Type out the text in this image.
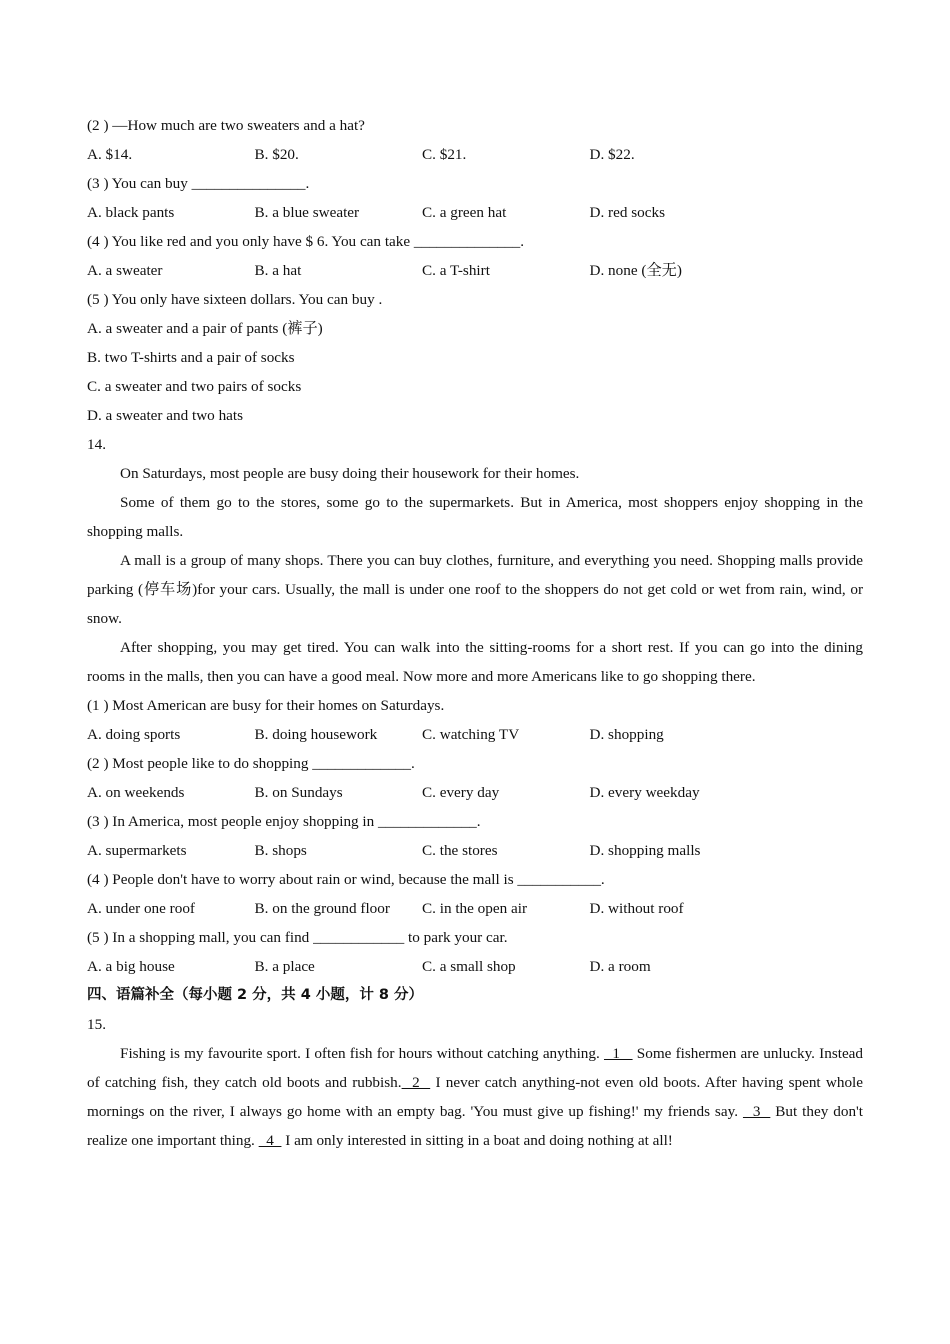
(2 ) —How much are two sweaters and a hat?
A. $14.	B. $20.	C. $21.	D. $22.
(3 ) You can buy _______________.
A. black pants	B. a blue sweater	C. a green hat	D. red socks
(4 ) You like red and you only have $ 6. You can take ______________.
A. a sweater	B. a hat	C. a T-shirt	D. none (全无)
(5 ) You only have sixteen dollars. You can buy .
A. a sweater and a pair of pants (裤子)
B. two T-shirts and a pair of socks
C. a sweater and two pairs of socks
D. a sweater and two hats
14.

On Saturdays, most people are busy doing their housework for their homes.

Some of them go to the stores, some go to the supermarkets. But in America, most shoppers enjoy shopping in the shopping malls.

A mall is a group of many shops. There you can buy clothes, furniture, and everything you need. Shopping malls provide parking (停车场)for your cars. Usually, the mall is under one roof to the shoppers do not get cold or wet from rain, wind, or snow.

After shopping, you may get tired. You can walk into the sitting-rooms for a short rest. If you can go into the dining rooms in the malls, then you can have a good meal. Now more and more Americans like to go shopping there.

(1 ) Most American are busy for their homes on Saturdays.
A. doing sports	B. doing housework	C. watching TV	D. shopping
(2 ) Most people like to do shopping _____________.
A. on weekends	B. on Sundays	C. every day	D. every weekday
(3 ) In America, most people enjoy shopping in _____________.
A. supermarkets	B. shops	C. the stores	D. shopping malls
(4 ) People don't have to worry about rain or wind, because the mall is ___________.
A. under one roof	B. on the ground floor	C. in the open air	D. without roof
(5 ) In a shopping mall, you can find ____________ to park your car.
A. a big house	B. a place	C. a small shop	D. a room
四、语篇补全（每小题 2 分，共 4 小题，计 8 分）
15.

Fishing is my favourite sport. I often fish for hours without catching anything.   1    Some fishermen are unlucky. Instead of catching fish, they catch old boots and rubbish.  2   I never catch anything-not even old boots. After having spent whole mornings on the river, I always go home with an empty bag. 'You must give up fishing!' my friends say.   3   But they don't realize one important thing.   4   I am only interested in sitting in a boat and doing nothing at all!
